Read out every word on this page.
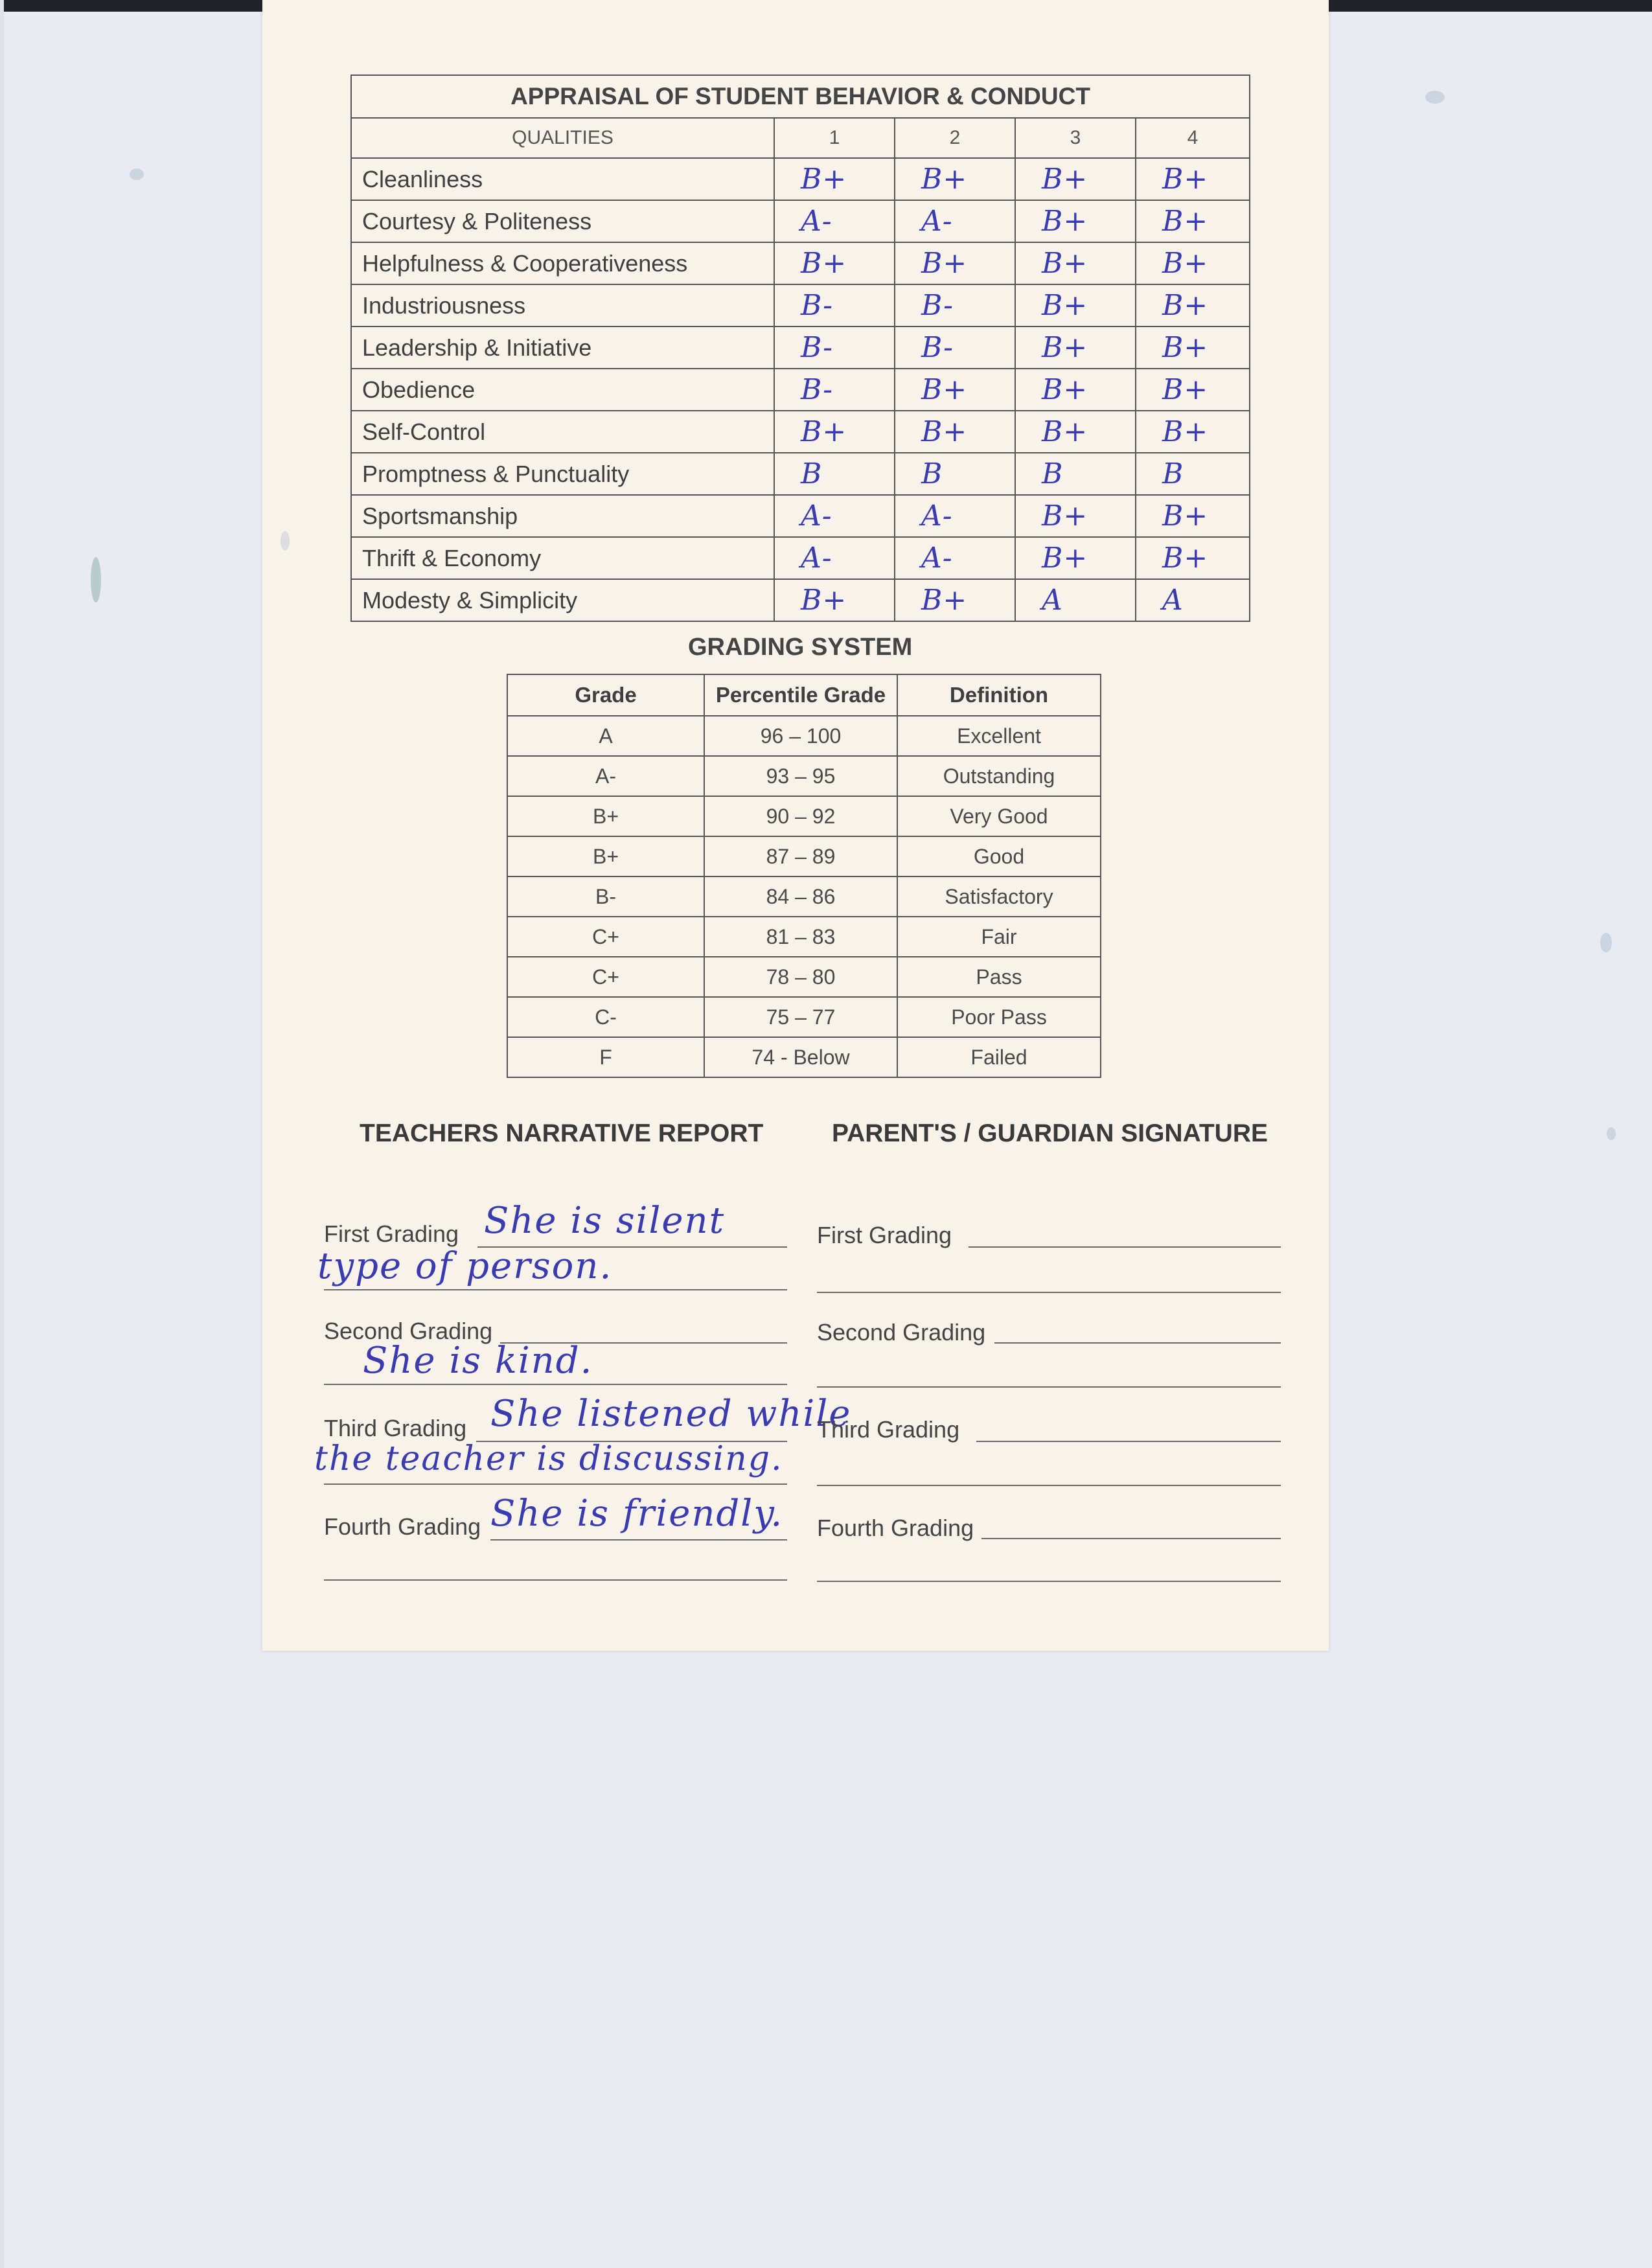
APPRAISAL OF STUDENT BEHAVIOR & CONDUCT				
QUALITIES	1	2	3	4
Cleanliness	B+	B+	B+	B+
Courtesy & Politeness	A-	A-	B+	B+
Helpfulness & Cooperativeness	B+	B+	B+	B+
Industriousness	B-	B-	B+	B+
Leadership & Initiative	B-	B-	B+	B+
Obedience	B-	B+	B+	B+
Self-Control	B+	B+	B+	B+
Promptness & Punctuality	B	B	B	B
Sportsmanship	A-	A-	B+	B+
Thrift & Economy	A-	A-	B+	B+
Modesty & Simplicity	B+	B+	A	A
GRADING SYSTEM
Grade	Percentile Grade	Definition
A	96 – 100	Excellent
A-	93 – 95	Outstanding
B+	90 – 92	Very Good
B+	87 – 89	Good
B-	84 – 86	Satisfactory
C+	81 – 83	Fair
C+	78 – 80	Pass
C-	75 – 77	Poor Pass
F	74 - Below	Failed
TEACHERS NARRATIVE REPORT	PARENT'S / GUARDIAN SIGNATURE
First Grading She is silent
type of person.
Second Grading
She is kind.
Third Grading She listened while
the teacher is discussing.
Fourth Grading She is friendly.
First Grading
Second Grading
Third Grading
Fourth Grading
